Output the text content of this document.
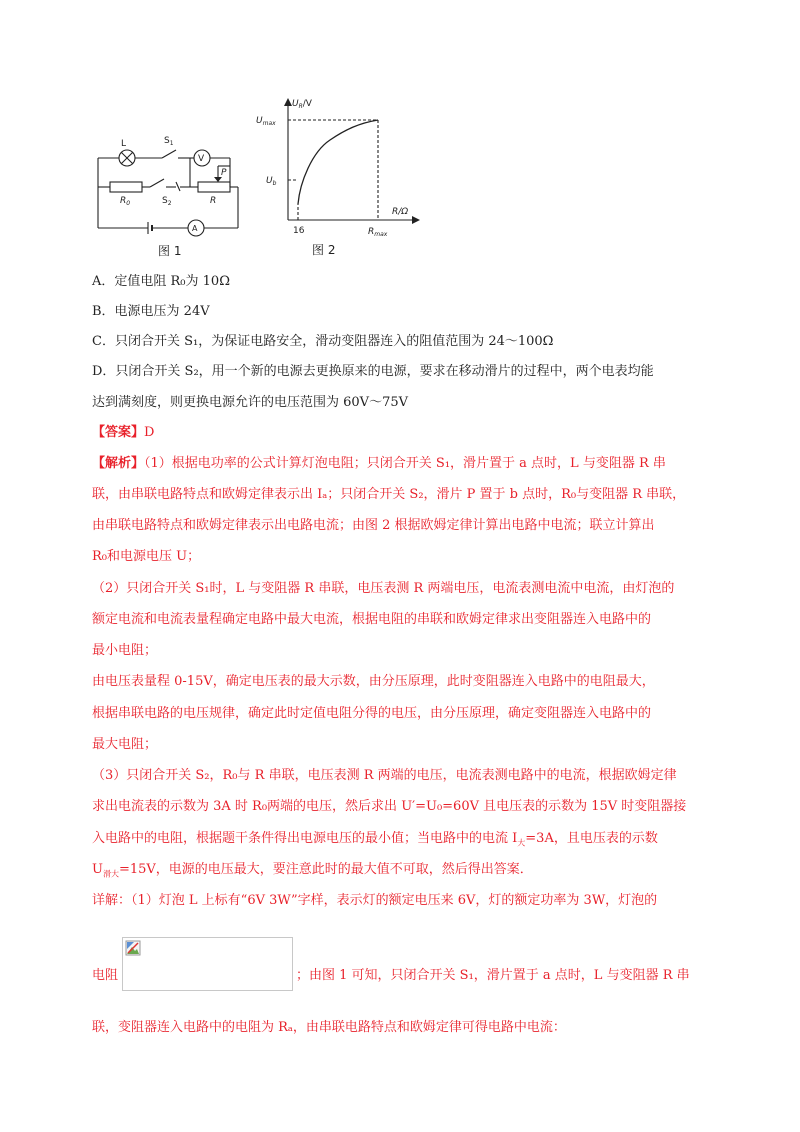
L	$S_1$
V
P
$R_0$	$S_2$	R
A
图 1
$U_R/V$
$U_{max}$
$U_b$
R/Ω
$R_{max}$
16
图 2
A．定值电阻 R₀为 10Ω
B．电源电压为 24V
C．只闭合开关 S₁，为保证电路安全，滑动变阻器连入的阻值范围为 24～100Ω
D．只闭合开关 S₂，用一个新的电源去更换原来的电源，要求在移动滑片的过程中，两个电表均能
达到满刻度，则更换电源允许的电压范围为 60V～75V
【答案】D
【解析】（1）根据电功率的公式计算灯泡电阻；只闭合开关 S₁，滑片置于 a 点时，L 与变阻器 R 串
联，由串联电路特点和欧姆定律表示出 Iₐ；只闭合开关 S₂，滑片 P 置于 b 点时，R₀与变阻器 R 串联，
由串联电路特点和欧姆定律表示出电路电流；由图 2 根据欧姆定律计算出电路中电流；联立计算出
R₀和电源电压 U；
（2）只闭合开关 S₁时，L 与变阻器 R 串联，电压表测 R 两端电压，电流表测电流中电流，由灯泡的
额定电流和电流表量程确定电路中最大电流，根据电阻的串联和欧姆定律求出变阻器连入电路中的
最小电阻；
由电压表量程 0-15V，确定电压表的最大示数，由分压原理，此时变阻器连入电路中的电阻最大，
根据串联电路的电压规律，确定此时定值电阻分得的电压，由分压原理，确定变阻器连入电路中的
最大电阻；
（3）只闭合开关 S₂，R₀与 R 串联，电压表测 R 两端的电压，电流表测电路中的电流，根据欧姆定律
求出电流表的示数为 3A 时 R₀两端的电压，然后求出 U′=U₀=60V 且电压表的示数为 15V 时变阻器接
入电路中的电阻，根据题干条件得出电源电压的最小值；当电路中的电流 $I_大=3A$，且电压表的示数
$U_{滑大}=15V$，电源的电压最大，要注意此时的最大值不可取，然后得出答案．
详解：（1）灯泡 L 上标有“6V 3W”字样，表示灯的额定电压来 6V，灯的额定功率为 3W，灯泡的
电阻	；由图 1 可知，只闭合开关 S₁，滑片置于 a 点时，L 与变阻器 R 串
联，变阻器连入电路中的电阻为 Rₐ，由串联电路特点和欧姆定律可得电路中电流：
